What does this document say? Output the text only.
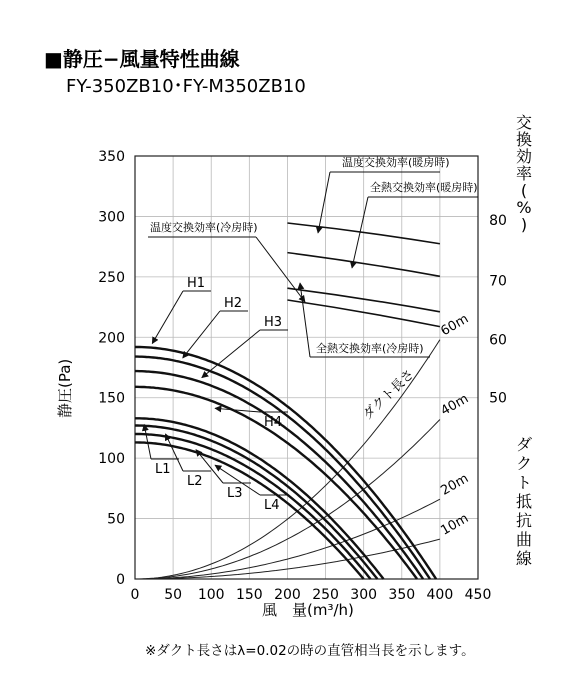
■静圧−風量特性曲線
FY-350ZB10･FY-M350ZB10
0 50 100 150 200 250 300 350 400 450
0
50
100
150
200
250
300
350
50
60
70
80
10m
20m
40m
60m
ダクト長さ
温度交換効率(暖房時)
全熱交換効率(暖房時)
温度交換効率(冷房時)
全熱交換効率(冷房時)
H1
H2
H3
H4
L1
L2
L3
L4
風　量(m³/h)
静圧(Pa)
交
換
効
率
(
%
)
ダ
ク
ト
抵
抗
曲
線
※ダクト長さはλ=0.02の時の直管相当長を示します。
